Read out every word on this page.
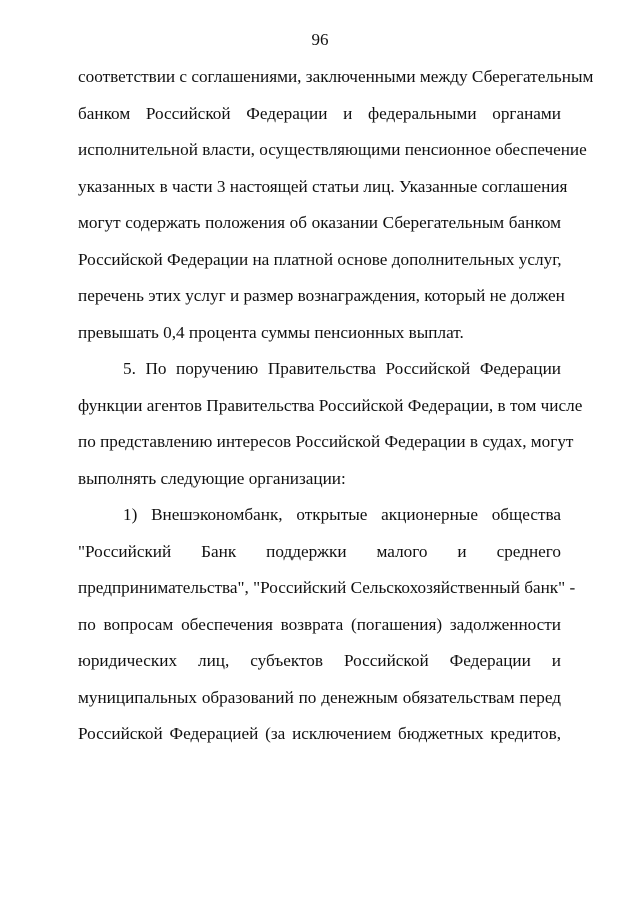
96
соответствии с соглашениями, заключенными между Сберегательным
банком Российской Федерации и федеральными органами
исполнительной власти, осуществляющими пенсионное обеспечение
указанных в части 3 настоящей статьи лиц. Указанные соглашения
могут содержать положения об оказании Сберегательным банком
Российской Федерации на платной основе дополнительных услуг,
перечень этих услуг и размер вознаграждения, который не должен
превышать 0,4 процента суммы пенсионных выплат.
5. По поручению Правительства Российской Федерации
функции агентов Правительства Российской Федерации, в том числе
по представлению интересов Российской Федерации в судах, могут
выполнять следующие организации:
1) Внешэкономбанк, открытые акционерные общества
"Российский Банк поддержки малого и среднего
предпринимательства", "Российский Сельскохозяйственный банк" -
по вопросам обеспечения возврата (погашения) задолженности
юридических лиц, субъектов Российской Федерации и
муниципальных образований по денежным обязательствам перед
Российской Федерацией (за исключением бюджетных кредитов,
